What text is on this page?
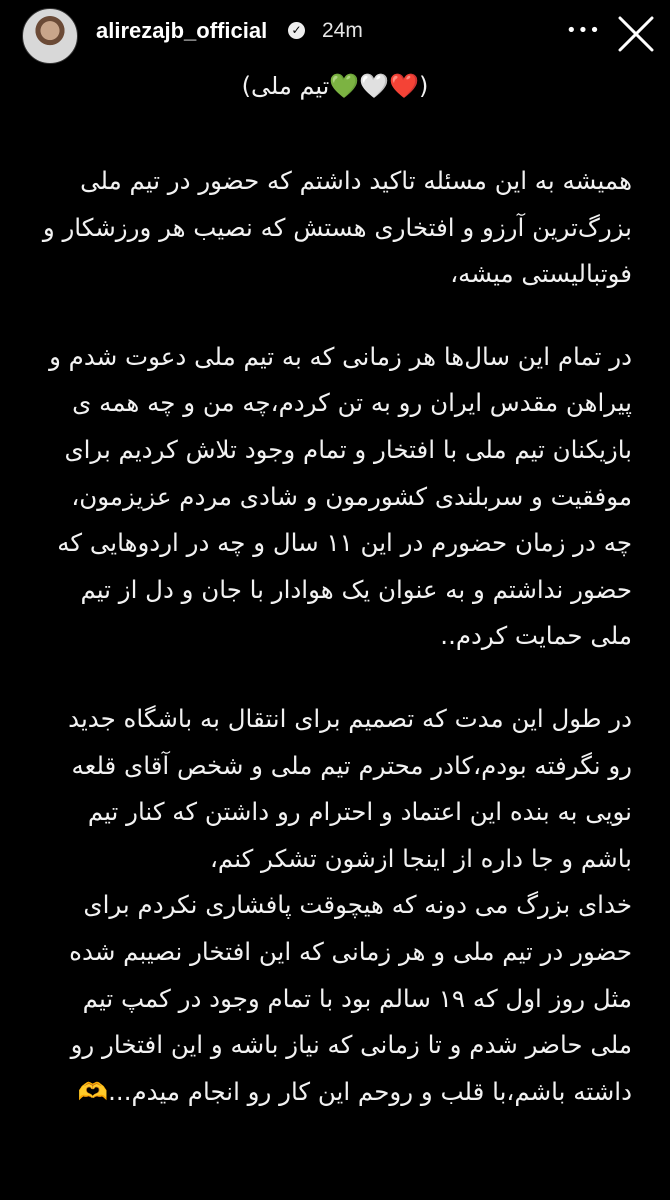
alirezajb_official ✓ 24m	•••
(تیم ملی💚🤍❤️)
همیشه به این مسئله تاکید داشتم که حضور در تیم ملی
بزرگ‌ترین آرزو و افتخاری هستش که نصیب هر ورزشکار و
فوتبالیستی میشه،
در تمام این سال‌ها هر زمانی که به تیم ملی دعوت شدم و
پیراهن مقدس ایران رو به تن کردم،چه من و چه همه ی
بازیکنان تیم ملی با افتخار و تمام وجود تلاش کردیم برای
موفقیت و سربلندی کشورمون و شادی مردم عزیزمون،
چه در زمان حضورم در این ۱۱ سال و چه در اردوهایی که
حضور نداشتم و به عنوان یک هوادار با جان و دل از تیم
ملی حمایت کردم..
در طول این مدت که تصمیم برای انتقال به باشگاه جدید
رو نگرفته بودم،کادر محترم تیم ملی و شخص آقای قلعه
نویی به بنده این اعتماد و احترام رو داشتن که کنار تیم
باشم و جا داره از اینجا ازشون تشکر کنم،
خدای بزرگ می دونه که هیچوقت پافشاری نکردم برای
حضور در تیم ملی و هر زمانی که این افتخار نصیبم شده
مثل روز اول که ۱۹ سالم بود با تمام وجود در کمپ تیم
ملی حاضر شدم و تا زمانی که نیاز باشه و این افتخار رو
داشته باشم،با قلب و روحم این کار رو انجام میدم...🫶
